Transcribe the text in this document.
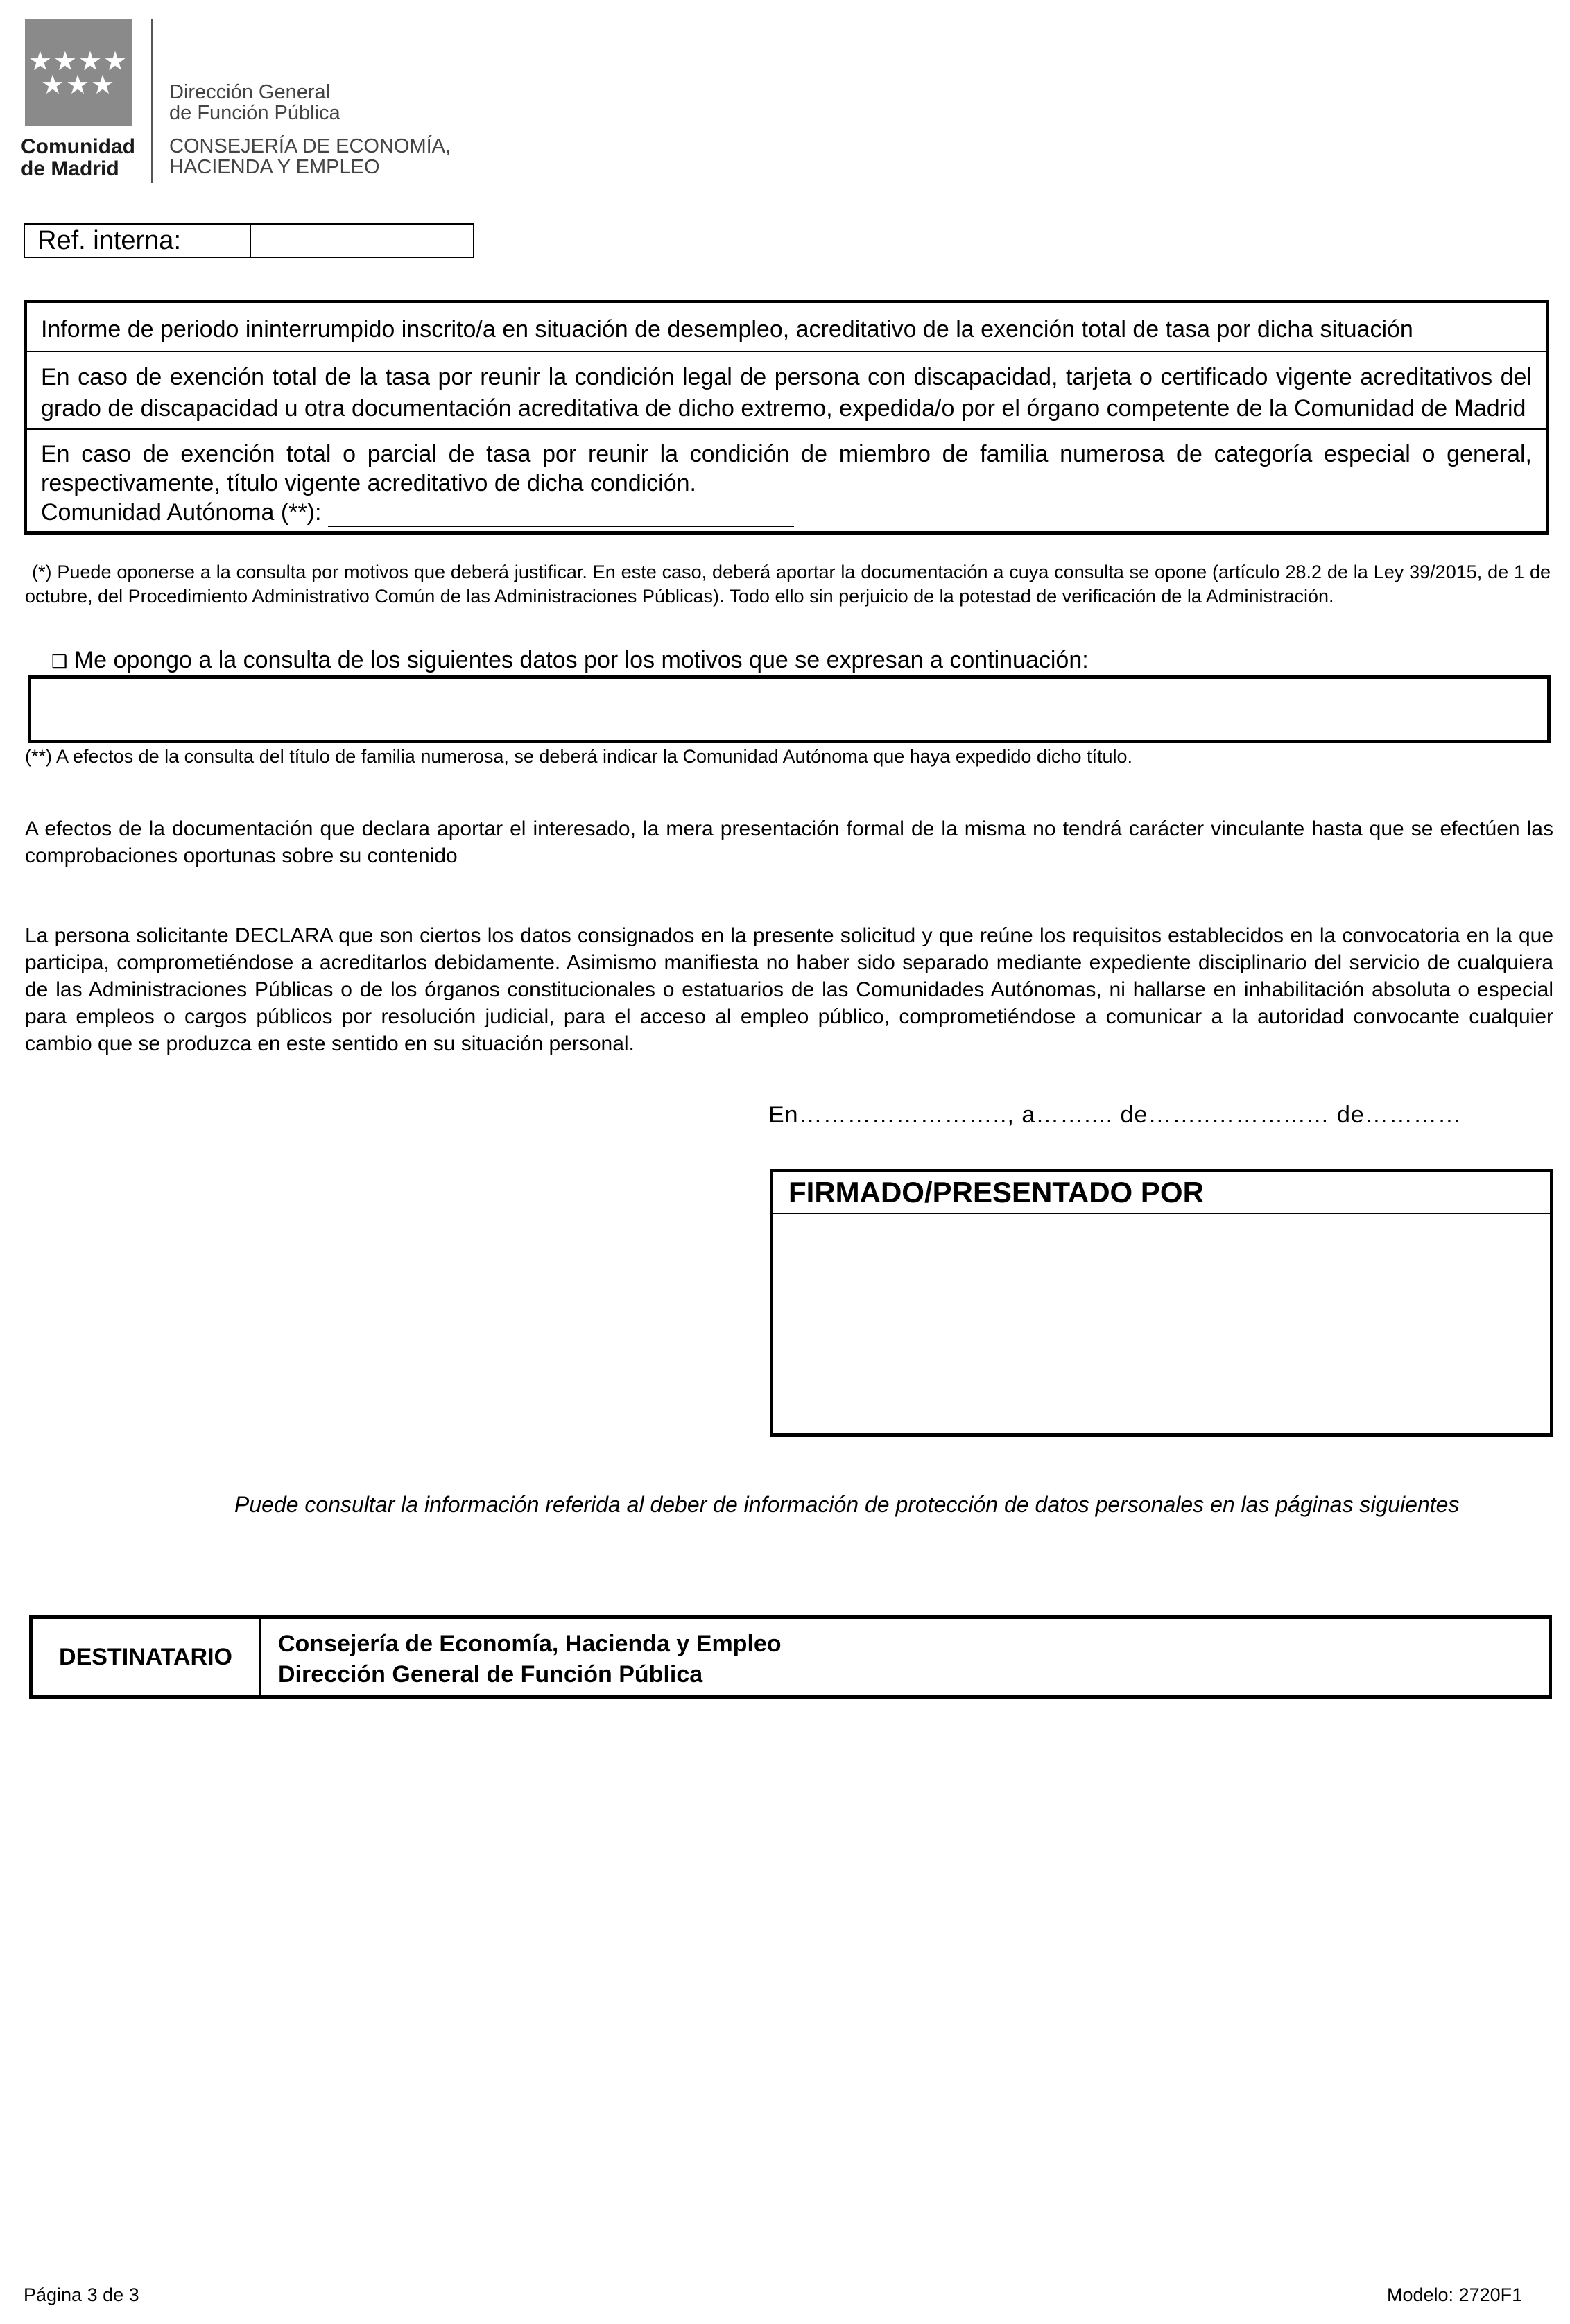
★★★★
★★★
Comunidad
de Madrid
Dirección General
de Función Pública
CONSEJERÍA DE ECONOMÍA,
HACIENDA Y EMPLEO
Ref. interna:
Informe de periodo ininterrumpido inscrito/a en situación de desempleo, acreditativo de la exención total de tasa por dicha situación
En caso de exención total de la tasa por reunir la condición legal de persona con discapacidad, tarjeta o certificado vigente acreditativos del grado de discapacidad u otra documentación acreditativa de dicho extremo, expedida/o por el órgano competente de la Comunidad de Madrid
En caso de exención total o parcial de tasa por reunir la condición de miembro de familia numerosa de categoría especial o general, respectivamente, título vigente acreditativo de dicha condición.
Comunidad Autónoma (**):
(*) Puede oponerse a la consulta por motivos que deberá justificar. En este caso, deberá aportar la documentación a cuya consulta se opone (artículo 28.2 de la Ley 39/2015, de 1 de octubre, del Procedimiento Administrativo Común de las Administraciones Públicas). Todo ello sin perjuicio de la potestad de verificación de la Administración.
❑ Me opongo a la consulta de los siguientes datos por los motivos que se expresan a continuación:
(**) A efectos de la consulta del título de familia numerosa, se deberá indicar la Comunidad Autónoma que haya expedido dicho título.
A efectos de la documentación que declara aportar el interesado, la mera presentación formal de la misma no tendrá carácter vinculante hasta que se efectúen las comprobaciones oportunas sobre su contenido
La persona solicitante DECLARA que son ciertos los datos consignados en la presente solicitud y que reúne los requisitos establecidos en la convocatoria en la que participa, comprometiéndose a acreditarlos debidamente. Asimismo manifiesta no haber sido separado mediante expediente disciplinario del servicio de cualquiera de las Administraciones Públicas o de los órganos constitucionales o estatuarios de las Comunidades Autónomas, ni hallarse en inhabilitación absoluta o especial para empleos o cargos públicos por resolución judicial, para el acceso al empleo público, comprometiéndose a comunicar a la autoridad convocante cualquier cambio que se produzca en este sentido en su situación personal.
En…………………….., a…….... de……..………...… de…………
FIRMADO/PRESENTADO POR
Puede consultar la información referida al deber de información de protección de datos personales en las páginas siguientes
DESTINATARIO	Consejería de Economía, Hacienda y Empleo
Dirección General de Función Pública
Página 3 de 3	Modelo: 2720F1
